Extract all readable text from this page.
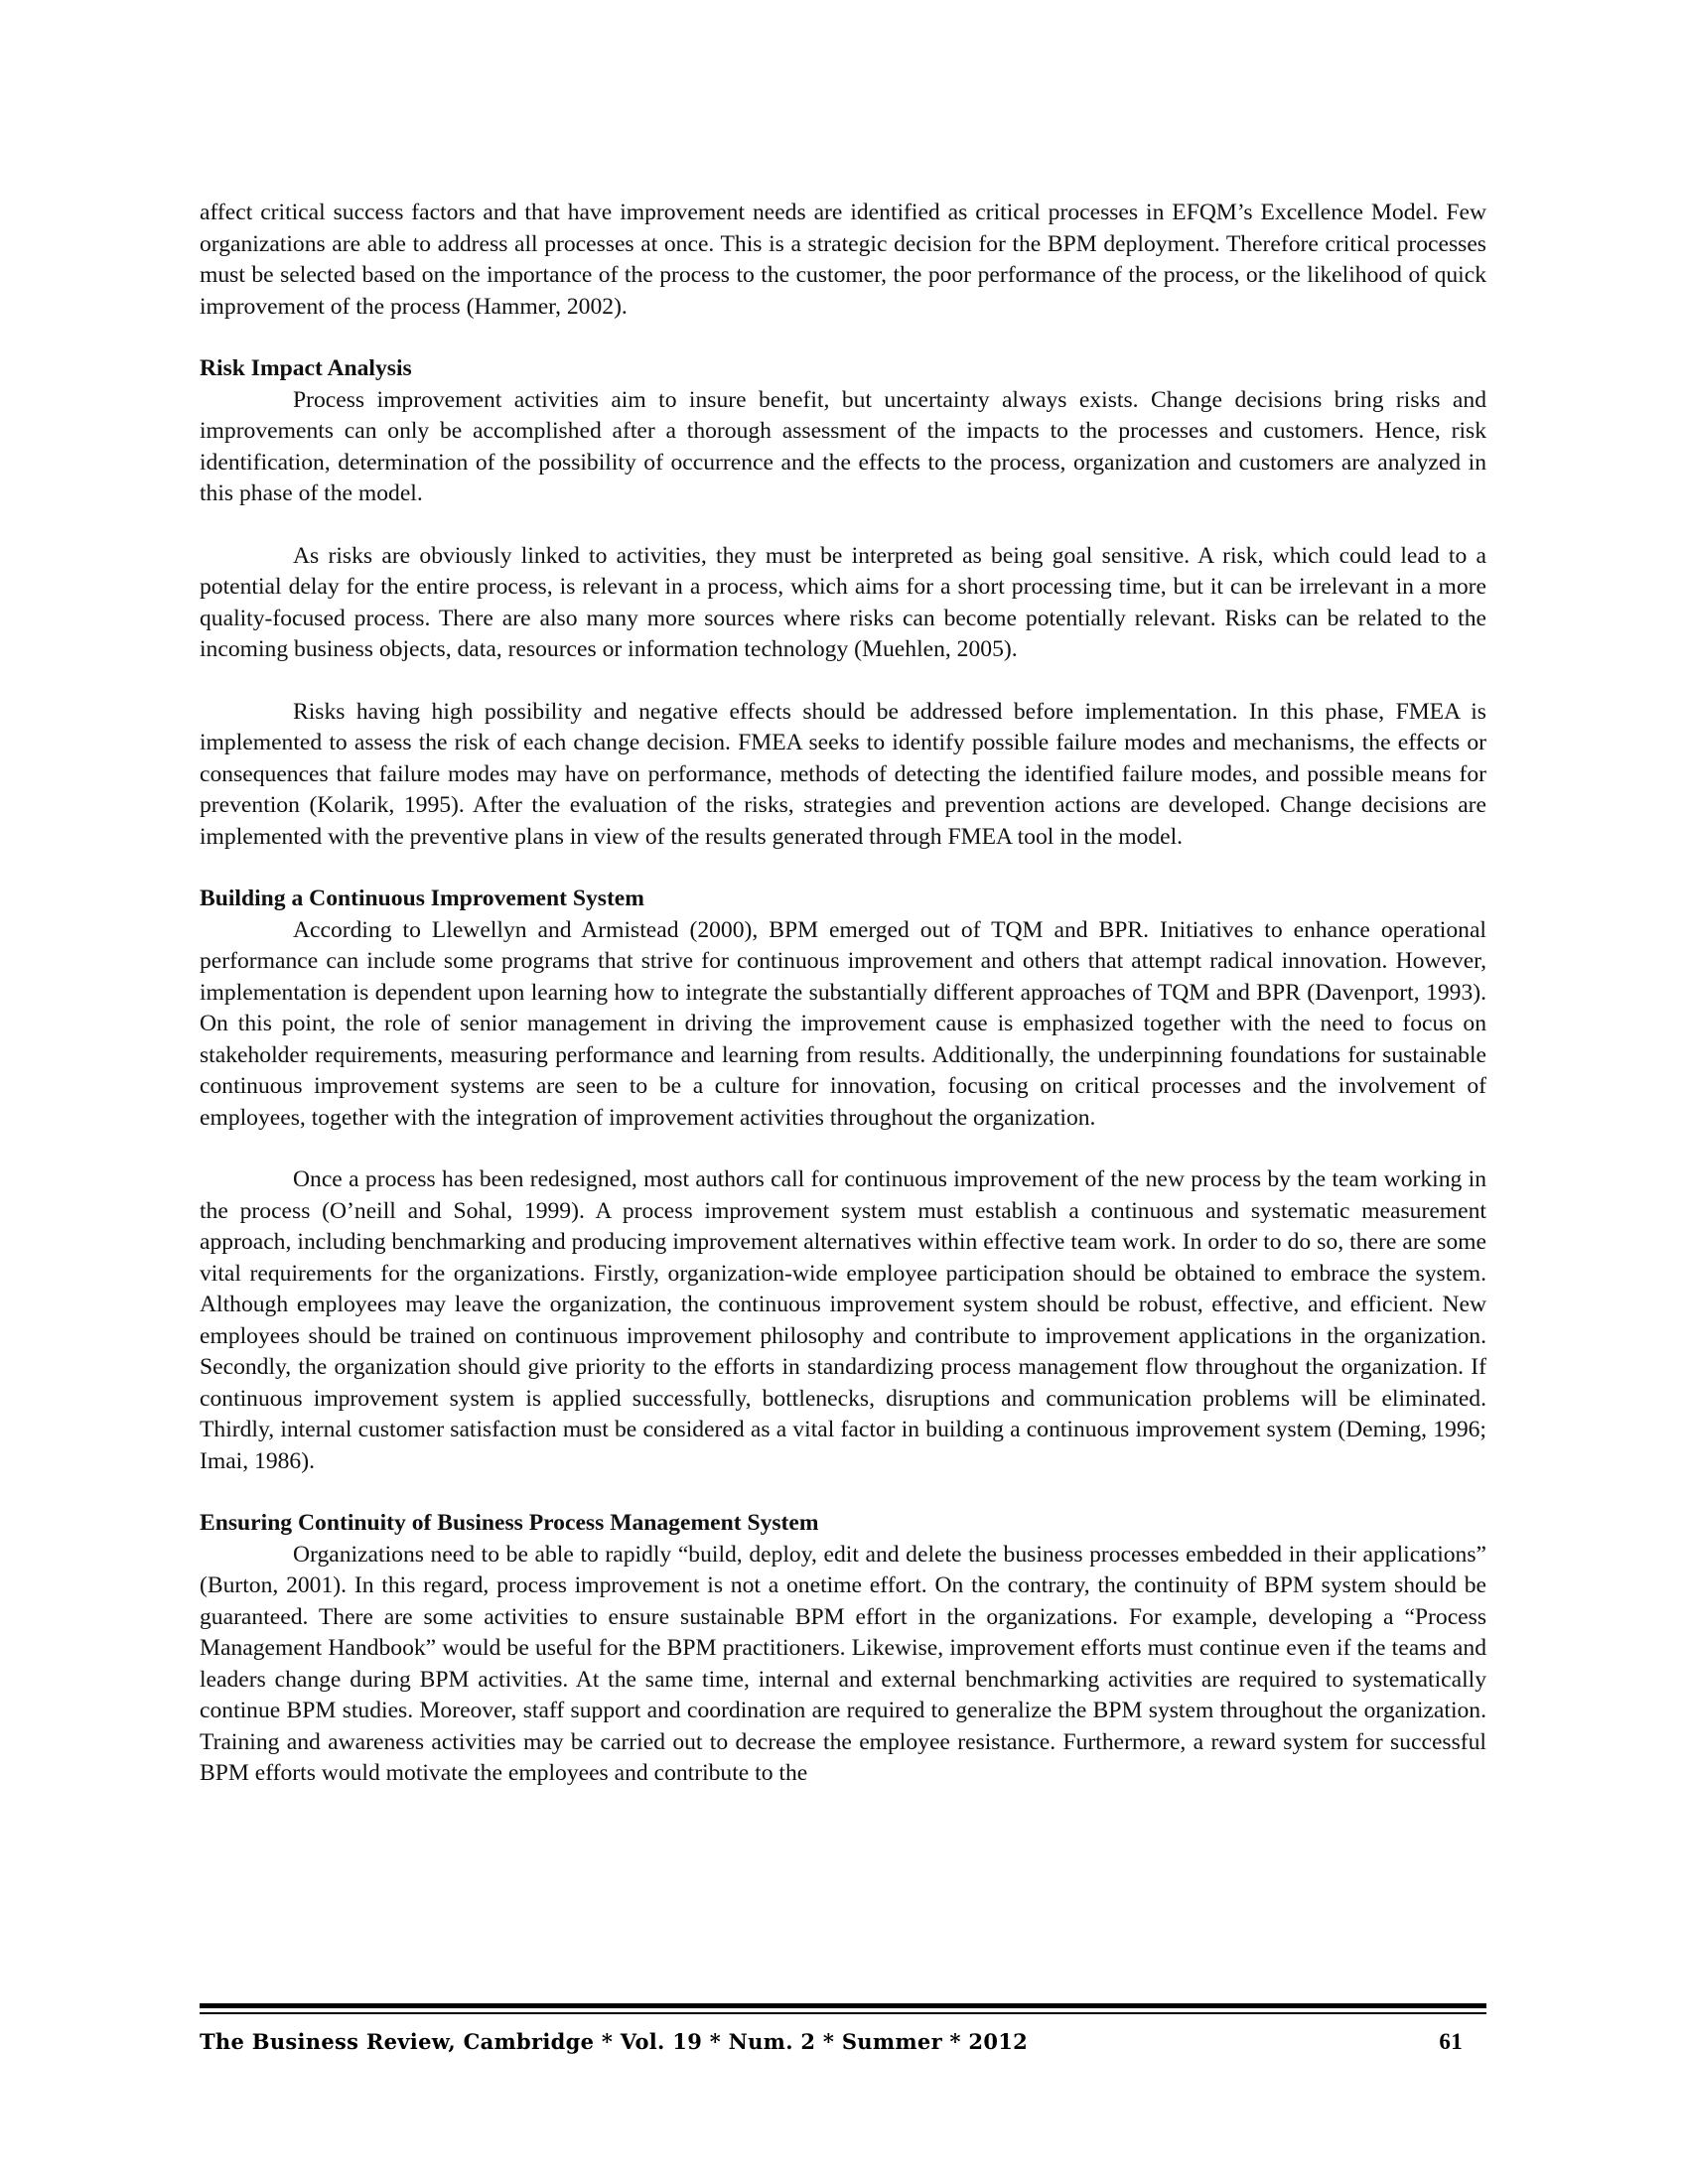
affect critical success factors and that have improvement needs are identified as critical processes in EFQM’s Excellence Model. Few organizations are able to address all processes at once. This is a strategic decision for the BPM deployment. Therefore critical processes must be selected based on the importance of the process to the customer, the poor performance of the process, or the likelihood of quick improvement of the process (Hammer, 2002).

Risk Impact Analysis

Process improvement activities aim to insure benefit, but uncertainty always exists. Change decisions bring risks and improvements can only be accomplished after a thorough assessment of the impacts to the processes and customers. Hence, risk identification, determination of the possibility of occurrence and the effects to the process, organization and customers are analyzed in this phase of the model.

As risks are obviously linked to activities, they must be interpreted as being goal sensitive. A risk, which could lead to a potential delay for the entire process, is relevant in a process, which aims for a short processing time, but it can be irrelevant in a more quality-focused process. There are also many more sources where risks can become potentially relevant. Risks can be related to the incoming business objects, data, resources or information technology (Muehlen, 2005).

Risks having high possibility and negative effects should be addressed before implementation. In this phase, FMEA is implemented to assess the risk of each change decision. FMEA seeks to identify possible failure modes and mechanisms, the effects or consequences that failure modes may have on performance, methods of detecting the identified failure modes, and possible means for prevention (Kolarik, 1995). After the evaluation of the risks, strategies and prevention actions are developed. Change decisions are implemented with the preventive plans in view of the results generated through FMEA tool in the model.

Building a Continuous Improvement System

According to Llewellyn and Armistead (2000), BPM emerged out of TQM and BPR. Initiatives to enhance operational performance can include some programs that strive for continuous improvement and others that attempt radical innovation. However, implementation is dependent upon learning how to integrate the substantially different approaches of TQM and BPR (Davenport, 1993). On this point, the role of senior management in driving the improvement cause is emphasized together with the need to focus on stakeholder requirements, measuring performance and learning from results. Additionally, the underpinning foundations for sustainable continuous improvement systems are seen to be a culture for innovation, focusing on critical processes and the involvement of employees, together with the integration of improvement activities throughout the organization.

Once a process has been redesigned, most authors call for continuous improvement of the new process by the team working in the process (O’neill and Sohal, 1999). A process improvement system must establish a continuous and systematic measurement approach, including benchmarking and producing improvement alternatives within effective team work. In order to do so, there are some vital requirements for the organizations. Firstly, organization-wide employee participation should be obtained to embrace the system. Although employees may leave the organization, the continuous improvement system should be robust, effective, and efficient. New employees should be trained on continuous improvement philosophy and contribute to improvement applications in the organization. Secondly, the organization should give priority to the efforts in standardizing process management flow throughout the organization. If continuous improvement system is applied successfully, bottlenecks, disruptions and communication problems will be eliminated. Thirdly, internal customer satisfaction must be considered as a vital factor in building a continuous improvement system (Deming, 1996; Imai, 1986).

Ensuring Continuity of Business Process Management System

Organizations need to be able to rapidly “build, deploy, edit and delete the business processes embedded in their applications” (Burton, 2001). In this regard, process improvement is not a onetime effort. On the contrary, the continuity of BPM system should be guaranteed. There are some activities to ensure sustainable BPM effort in the organizations. For example, developing a “Process Management Handbook” would be useful for the BPM practitioners. Likewise, improvement efforts must continue even if the teams and leaders change during BPM activities. At the same time, internal and external benchmarking activities are required to systematically continue BPM studies. Moreover, staff support and coordination are required to generalize the BPM system throughout the organization. Training and awareness activities may be carried out to decrease the employee resistance. Furthermore, a reward system for successful BPM efforts would motivate the employees and contribute to the

The Business Review, Cambridge * Vol. 19 * Num. 2 * Summer * 2012	61
